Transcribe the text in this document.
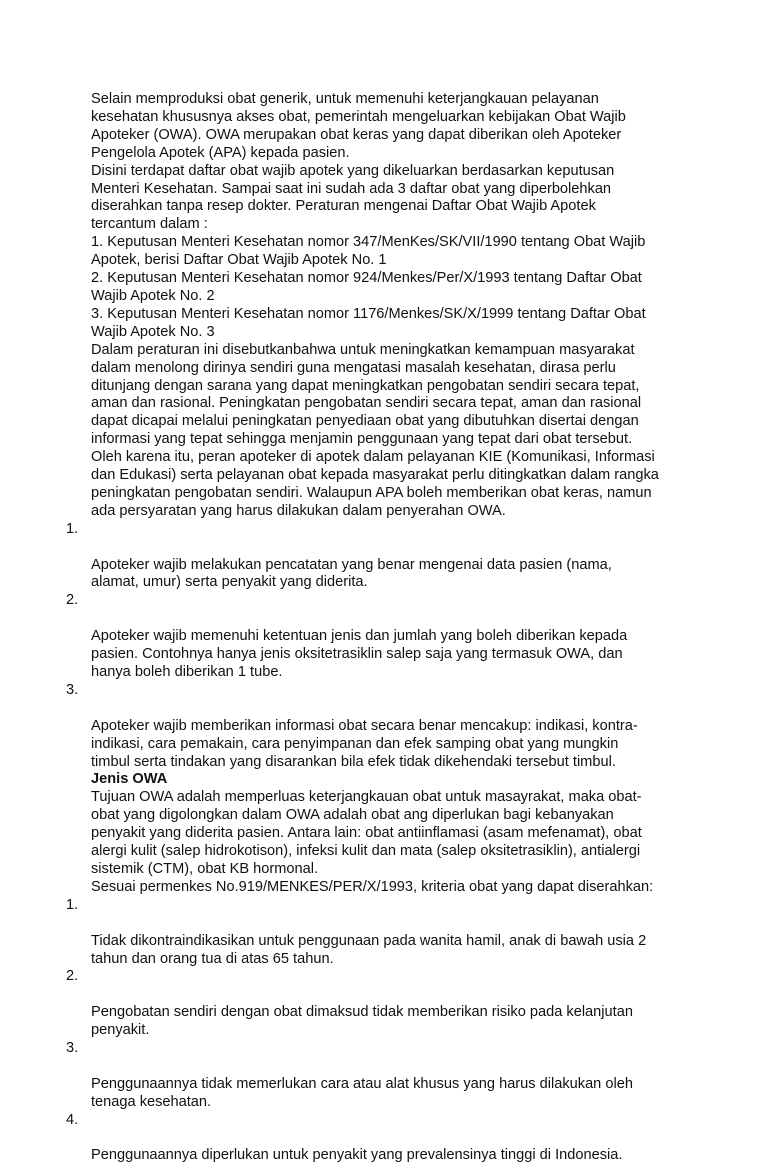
Selain memproduksi obat generik, untuk memenuhi keterjangkauan pelayanan
kesehatan khususnya akses obat, pemerintah mengeluarkan kebijakan Obat Wajib
Apoteker (OWA). OWA merupakan obat keras yang dapat diberikan oleh Apoteker
Pengelola Apotek (APA) kepada pasien.

Disini terdapat daftar obat wajib apotek yang dikeluarkan berdasarkan keputusan
Menteri Kesehatan. Sampai saat ini sudah ada 3 daftar obat yang diperbolehkan
diserahkan tanpa resep dokter. Peraturan mengenai Daftar Obat Wajib Apotek
tercantum dalam :

1. Keputusan Menteri Kesehatan nomor 347/MenKes/SK/VII/1990 tentang Obat Wajib
Apotek, berisi Daftar Obat Wajib Apotek No. 1

2. Keputusan Menteri Kesehatan nomor 924/Menkes/Per/X/1993 tentang Daftar Obat
Wajib Apotek No. 2

3. Keputusan Menteri Kesehatan nomor 1176/Menkes/SK/X/1999 tentang Daftar Obat
Wajib Apotek No. 3

Dalam peraturan ini disebutkanbahwa untuk meningkatkan kemampuan masyarakat
dalam menolong dirinya sendiri guna mengatasi masalah kesehatan, dirasa perlu
ditunjang dengan sarana yang dapat meningkatkan pengobatan sendiri secara tepat,
aman dan rasional. Peningkatan pengobatan sendiri secara tepat, aman dan rasional
dapat dicapai melalui peningkatan penyediaan obat yang dibutuhkan disertai dengan
informasi yang tepat sehingga menjamin penggunaan yang tepat dari obat tersebut.
Oleh karena itu, peran apoteker di apotek dalam pelayanan KIE (Komunikasi, Informasi
dan Edukasi) serta pelayanan obat kepada masyarakat perlu ditingkatkan dalam rangka
peningkatan pengobatan sendiri. Walaupun APA boleh memberikan obat keras, namun
ada persyaratan yang harus dilakukan dalam penyerahan OWA.

1.

Apoteker wajib melakukan pencatatan yang benar mengenai data pasien (nama,
alamat, umur) serta penyakit yang diderita.

2.

Apoteker wajib memenuhi ketentuan jenis dan jumlah yang boleh diberikan kepada
pasien. Contohnya hanya jenis oksitetrasiklin salep saja yang termasuk OWA, dan
hanya boleh diberikan 1 tube.

3.

Apoteker wajib memberikan informasi obat secara benar mencakup: indikasi, kontra-
indikasi, cara pemakain, cara penyimpanan dan efek samping obat yang mungkin
timbul serta tindakan yang disarankan bila efek tidak dikehendaki tersebut timbul.

Jenis OWA

Tujuan OWA adalah memperluas keterjangkauan obat untuk masayrakat, maka obat-
obat yang digolongkan dalam OWA adalah obat ang diperlukan bagi kebanyakan
penyakit yang diderita pasien. Antara lain: obat antiinflamasi (asam mefenamat), obat
alergi kulit (salep hidrokotison), infeksi kulit dan mata (salep oksitetrasiklin), antialergi
sistemik (CTM), obat KB hormonal.

Sesuai permenkes No.919/MENKES/PER/X/1993, kriteria obat yang dapat diserahkan:

1.

Tidak dikontraindikasikan untuk penggunaan pada wanita hamil, anak di bawah usia 2
tahun dan orang tua di atas 65 tahun.

2.

Pengobatan sendiri dengan obat dimaksud tidak memberikan risiko pada kelanjutan
penyakit.

3.

Penggunaannya tidak memerlukan cara atau alat khusus yang harus dilakukan oleh
tenaga kesehatan.

4.

Penggunaannya diperlukan untuk penyakit yang prevalensinya tinggi di Indonesia.
